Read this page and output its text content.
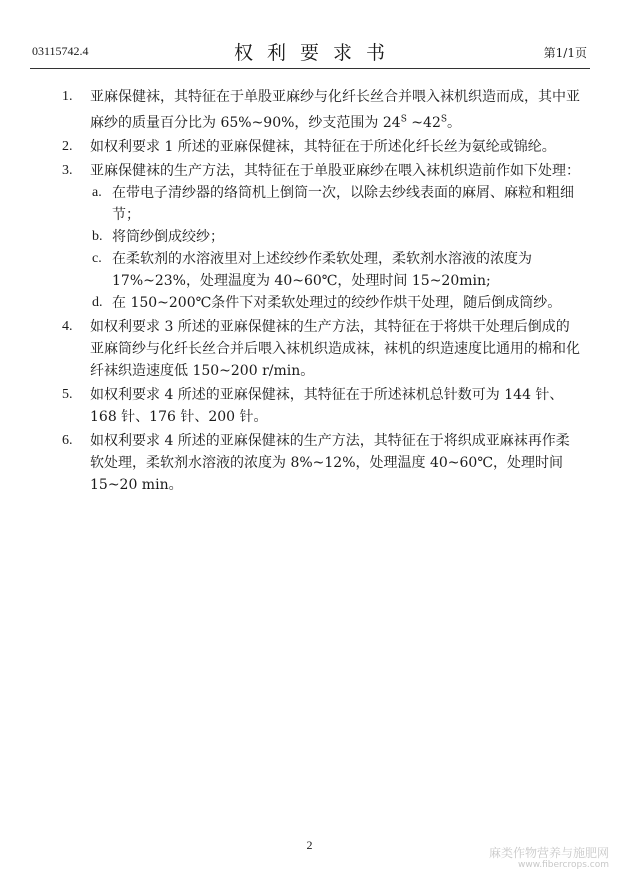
03115742.4	权利要求书	第1/1页
1. 亚麻保健袜，其特征在于单股亚麻纱与化纤长丝合并喂入袜机织造而成，其中亚麻纱的质量百分比为 65%~90%，纱支范围为 $24^S$ $\sim 42^S$。
2. 如权利要求 1 所述的亚麻保健袜，其特征在于所述化纤长丝为氨纶或锦纶。
3. 亚麻保健袜的生产方法，其特征在于单股亚麻纱在喂入袜机织造前作如下处理：
a. 在带电子清纱器的络筒机上倒筒一次，以除去纱线表面的麻屑、麻粒和粗细节；
b. 将筒纱倒成绞纱；
c. 在柔软剂的水溶液里对上述绞纱作柔软处理，柔软剂水溶液的浓度为 17%~23%，处理温度为 40~60℃，处理时间 15~20min;
d. 在 150~200℃条件下对柔软处理过的绞纱作烘干处理，随后倒成筒纱。
4. 如权利要求 3 所述的亚麻保健袜的生产方法，其特征在于将烘干处理后倒成的亚麻筒纱与化纤长丝合并后喂入袜机织造成袜，袜机的织造速度比通用的棉和化纤袜织造速度低 150~200 r/min。
5. 如权利要求 4 所述的亚麻保健袜，其特征在于所述袜机总针数可为 144 针、168 针、176 针、200 针。
6. 如权利要求 4 所述的亚麻保健袜的生产方法，其特征在于将织成亚麻袜再作柔软处理，柔软剂水溶液的浓度为 8%~12%，处理温度 40~60℃，处理时间 15~20 min。
2
麻类作物营养与施肥网
www.fibercrops.com
